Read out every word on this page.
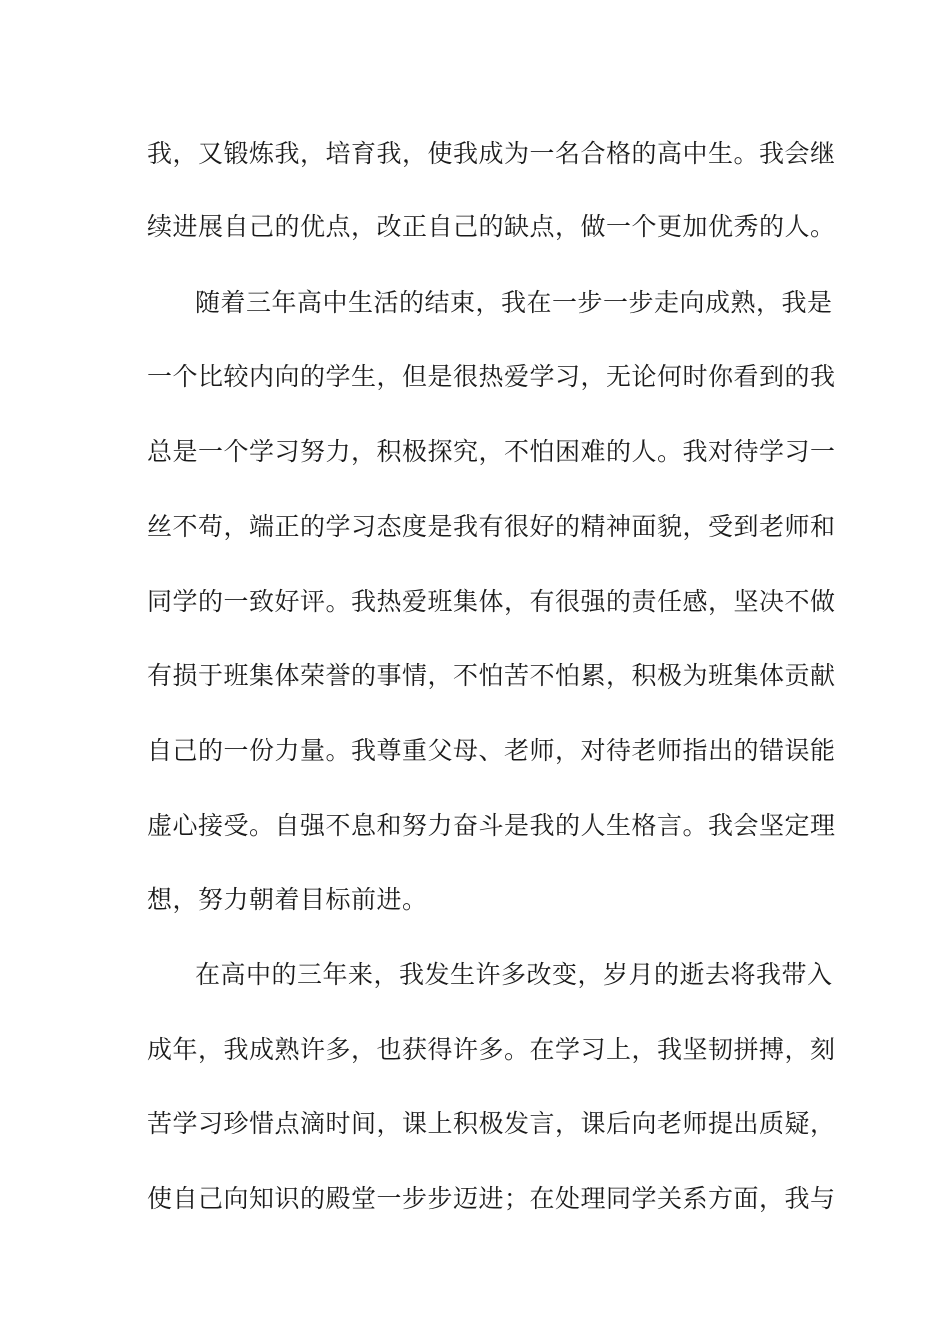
我，又锻炼我，培育我，使我成为一名合格的高中生。我会继
续进展自己的优点，改正自己的缺点，做一个更加优秀的人。
随着三年高中生活的结束，我在一步一步走向成熟，我是
一个比较内向的学生，但是很热爱学习，无论何时你看到的我
总是一个学习努力，积极探究，不怕困难的人。我对待学习一
丝不苟，端正的学习态度是我有很好的精神面貌，受到老师和
同学的一致好评。我热爱班集体，有很强的责任感，坚决不做
有损于班集体荣誉的事情，不怕苦不怕累，积极为班集体贡献
自己的一份力量。我尊重父母、老师，对待老师指出的错误能
虚心接受。自强不息和努力奋斗是我的人生格言。我会坚定理
想，努力朝着目标前进。
在高中的三年来，我发生许多改变，岁月的逝去将我带入
成年，我成熟许多，也获得许多。在学习上，我坚韧拼搏，刻
苦学习珍惜点滴时间，课上积极发言，课后向老师提出质疑，
使自己向知识的殿堂一步步迈进；在处理同学关系方面，我与
